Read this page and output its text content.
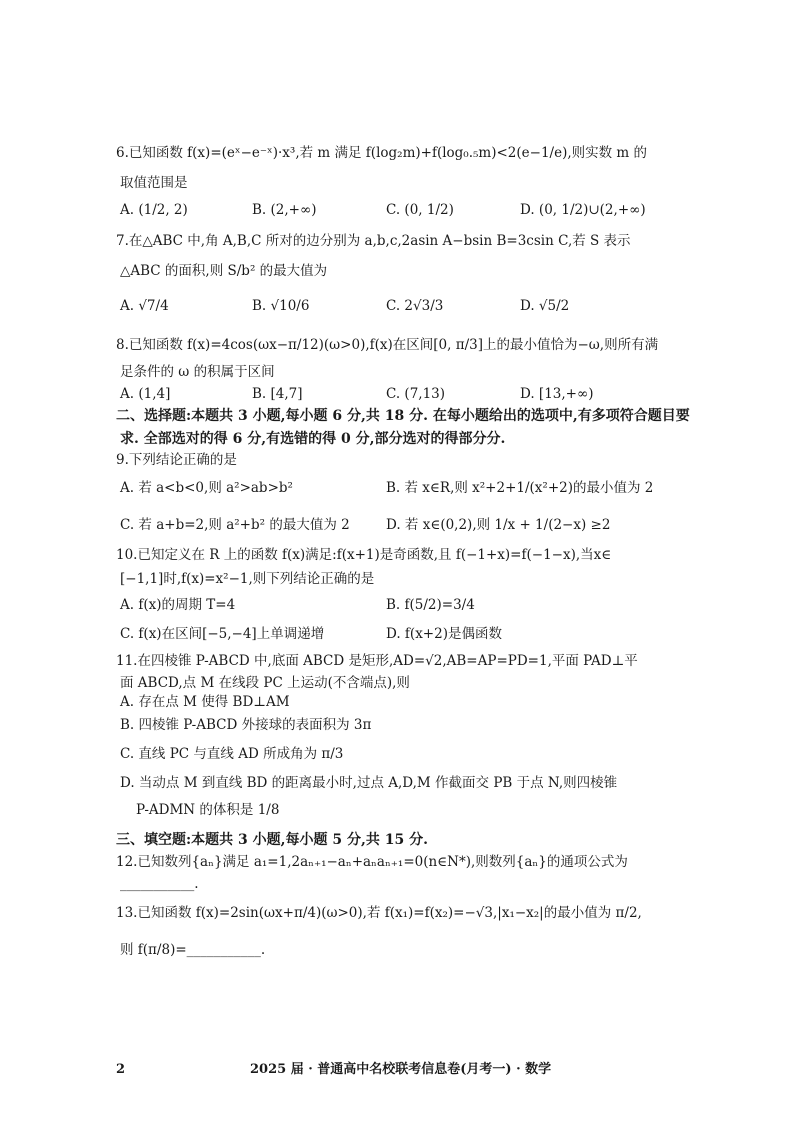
6.已知函数 f(x)=(eˣ−e⁻ˣ)·x³,若 m 满足 f(log₂m)+f(log₀.₅m)<2(e−1/e),则实数 m 的
取值范围是
A. (1/2, 2)	B. (2,+∞)	C. (0, 1/2)	D. (0, 1/2)∪(2,+∞)
7.在△ABC 中,角 A,B,C 所对的边分别为 a,b,c,2asin A−bsin B=3csin C,若 S 表示
△ABC 的面积,则 S/b² 的最大值为
A. √7/4	B. √10/6	C. 2√3/3	D. √5/2
8.已知函数 f(x)=4cos(ωx−π/12)(ω>0),f(x)在区间[0, π/3]上的最小值恰为−ω,则所有满
足条件的 ω 的积属于区间
A. (1,4]	B. [4,7]	C. (7,13)	D. [13,+∞)
二、选择题:本题共 3 小题,每小题 6 分,共 18 分. 在每小题给出的选项中,有多项符合题目要
求. 全部选对的得 6 分,有选错的得 0 分,部分选对的得部分分.
9.下列结论正确的是
A. 若 a<b<0,则 a²>ab>b²	B. 若 x∈R,则 x²+2+1/(x²+2)的最小值为 2
C. 若 a+b=2,则 a²+b² 的最大值为 2	D. 若 x∈(0,2),则 1/x + 1/(2−x) ≥2
10.已知定义在 R 上的函数 f(x)满足:f(x+1)是奇函数,且 f(−1+x)=f(−1−x),当x∈
[−1,1]时,f(x)=x²−1,则下列结论正确的是
A. f(x)的周期 T=4	B. f(5/2)=3/4
C. f(x)在区间[−5,−4]上单调递增	D. f(x+2)是偶函数
11.在四棱锥 P-ABCD 中,底面 ABCD 是矩形,AD=√2,AB=AP=PD=1,平面 PAD⊥平
面 ABCD,点 M 在线段 PC 上运动(不含端点),则
A. 存在点 M 使得 BD⊥AM
B. 四棱锥 P-ABCD 外接球的表面积为 3π
C. 直线 PC 与直线 AD 所成角为 π/3
D. 当动点 M 到直线 BD 的距离最小时,过点 A,D,M 作截面交 PB 于点 N,则四棱锥
P-ADMN 的体积是 1/8
三、填空题:本题共 3 小题,每小题 5 分,共 15 分.
12.已知数列{aₙ}满足 a₁=1,2aₙ₊₁−aₙ+aₙaₙ₊₁=0(n∈N*),则数列{aₙ}的通项公式为
___________.
13.已知函数 f(x)=2sin(ωx+π/4)(ω>0),若 f(x₁)=f(x₂)=−√3,|x₁−x₂|的最小值为 π/2,
则 f(π/8)=___________.
2	2025 届 · 普通高中名校联考信息卷(月考一) · 数学
